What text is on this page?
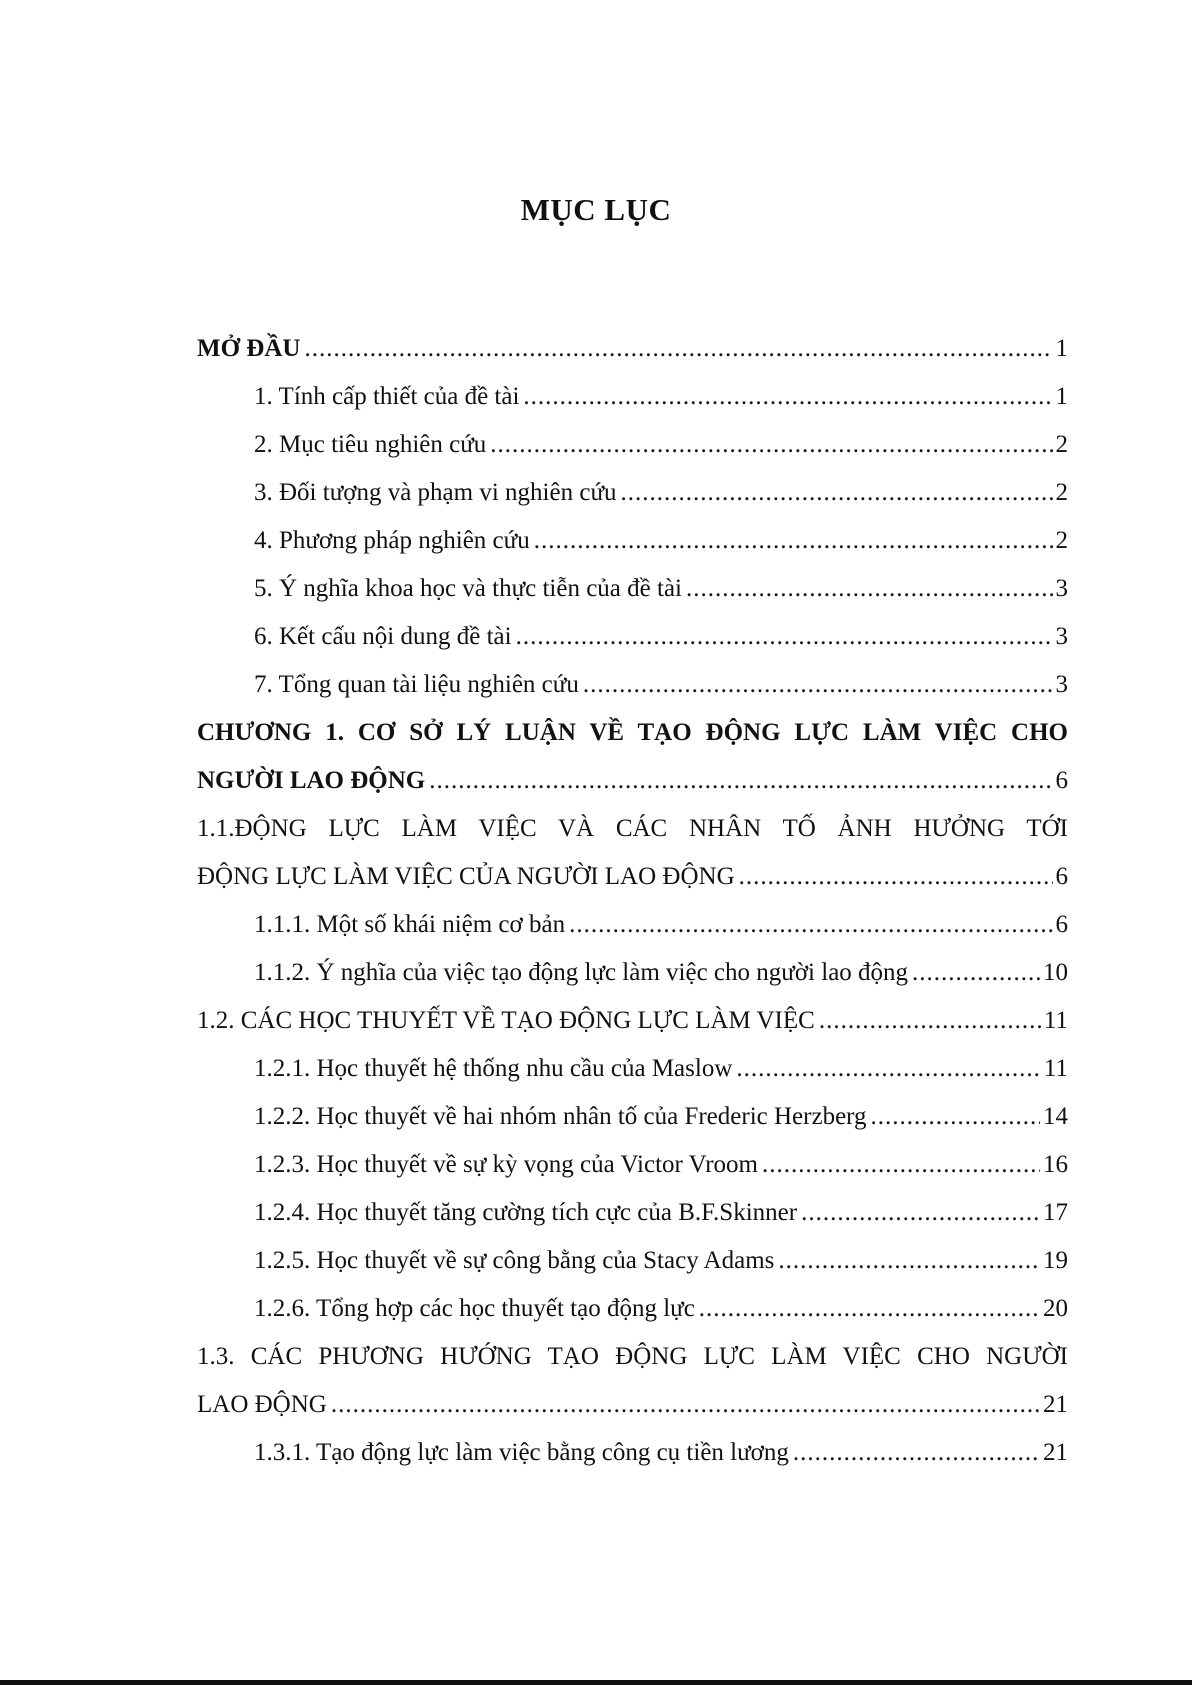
MỤC LỤC
MỞ ĐẦU .....	1
1. Tính cấp thiết của đề tài .....	1
2. Mục tiêu nghiên cứu .....	2
3. Đối tượng và phạm vi nghiên cứu .....	2
4. Phương pháp nghiên cứu .....	2
5. Ý nghĩa khoa học và thực tiễn của đề tài .....	3
6. Kết cấu nội dung đề tài .....	3
7. Tổng quan tài liệu nghiên cứu .....	3
CHƯƠNG 1. CƠ SỞ LÝ LUẬN VỀ TẠO ĐỘNG LỰC LÀM VIỆC CHO
NGƯỜI LAO ĐỘNG .....	6
1.1.ĐỘNG LỰC LÀM VIỆC VÀ CÁC NHÂN TỐ ẢNH HƯỞNG TỚI
ĐỘNG LỰC LÀM VIỆC CỦA NGƯỜI LAO ĐỘNG .....	6
1.1.1. Một số khái niệm cơ bản .....	6
1.1.2. Ý nghĩa của việc tạo động lực làm việc cho người lao động .....	10
1.2. CÁC HỌC THUYẾT VỀ TẠO ĐỘNG LỰC LÀM VIỆC .....	11
1.2.1. Học thuyết hệ thống nhu cầu của Maslow .....	11
1.2.2. Học thuyết về hai nhóm nhân tố của Frederic Herzberg .....	14
1.2.3. Học thuyết về sự kỳ vọng của Victor Vroom .....	16
1.2.4. Học thuyết tăng cường tích cực của B.F.Skinner .....	17
1.2.5. Học thuyết về sự công bằng của Stacy Adams .....	19
1.2.6. Tổng hợp các học thuyết tạo động lực .....	20
1.3. CÁC PHƯƠNG HƯỚNG TẠO ĐỘNG LỰC LÀM VIỆC CHO NGƯỜI
LAO ĐỘNG .....	21
1.3.1. Tạo động lực làm việc bằng công cụ tiền lương .....	21
